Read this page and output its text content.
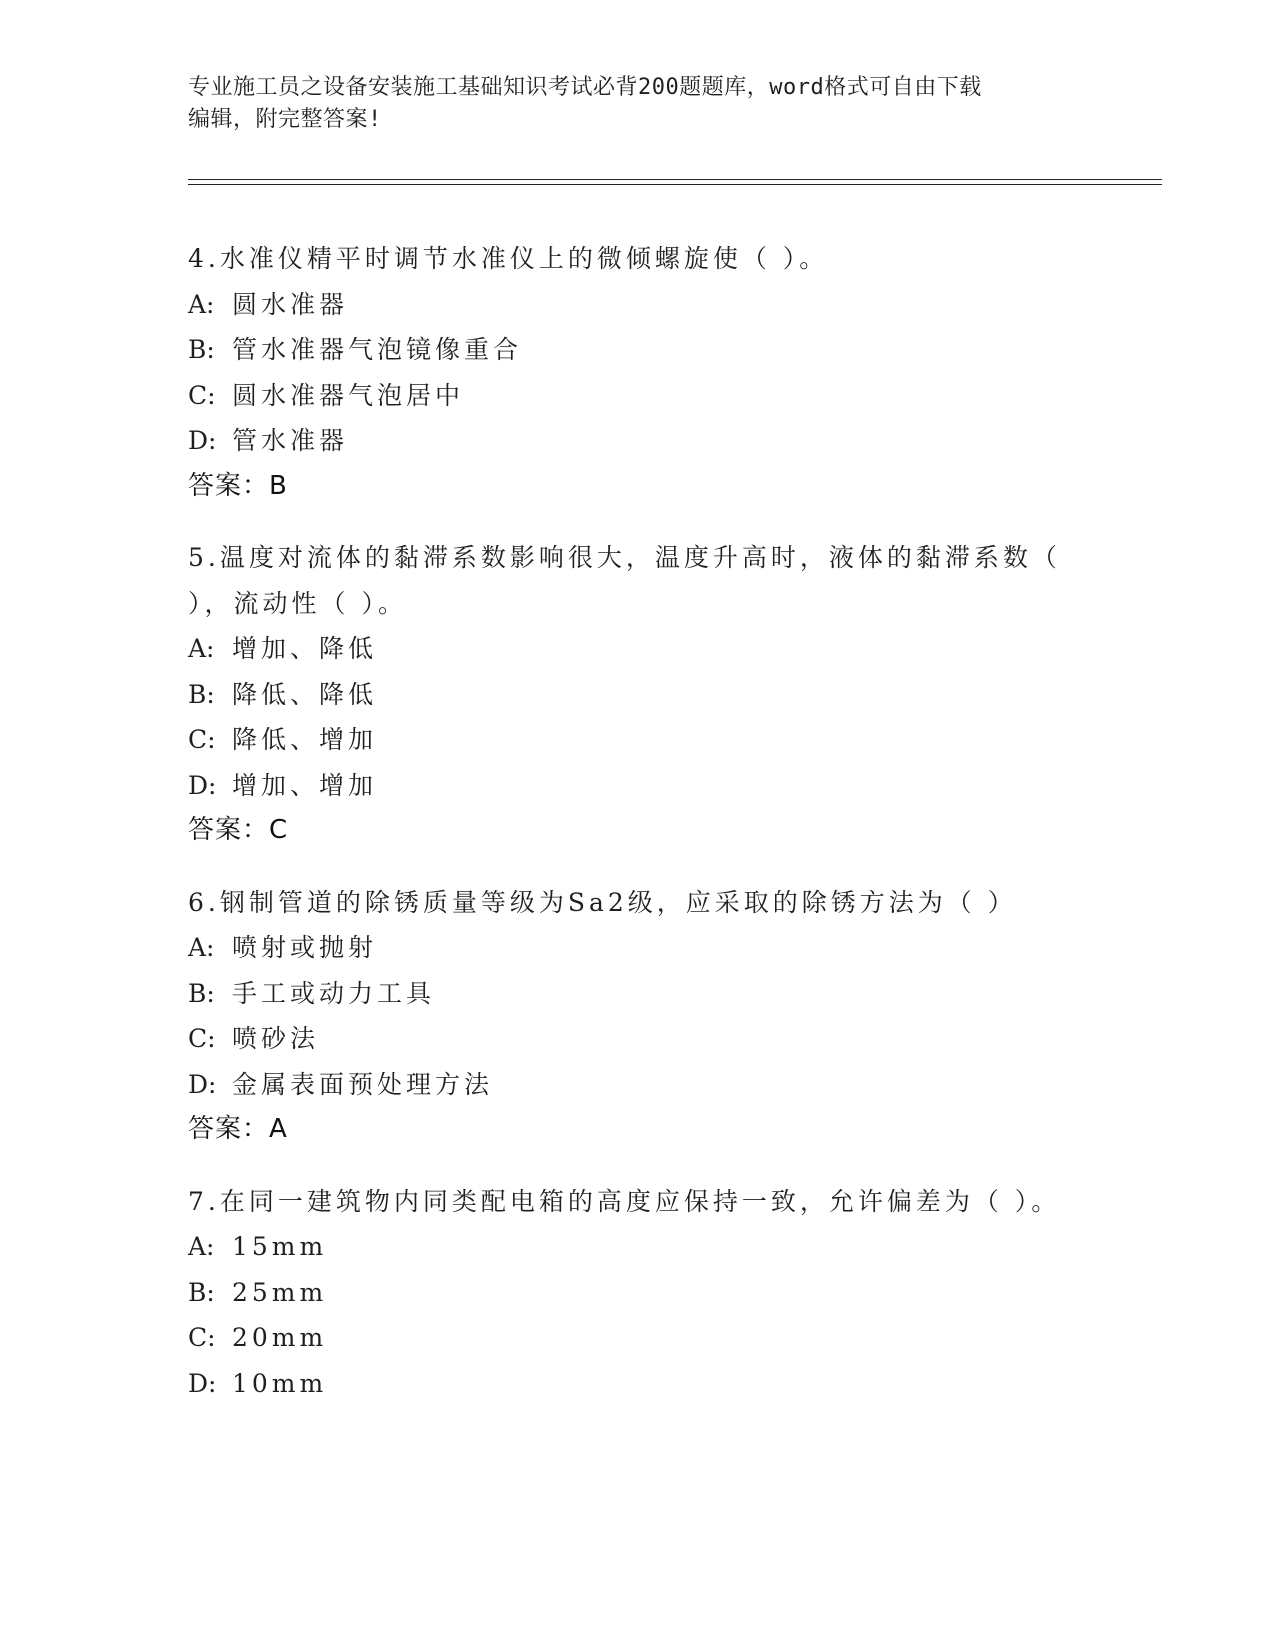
专业施工员之设备安装施工基础知识考试必背200题题库，word格式可自由下载
编辑，附完整答案!
4.水准仪精平时调节水准仪上的微倾螺旋使（ ）。
A: 圆水准器
B: 管水准器气泡镜像重合
C: 圆水准器气泡居中
D: 管水准器
答案：B
5.温度对流体的黏滞系数影响很大，温度升高时，液体的黏滞系数（
），流动性（ ）。
A: 增加、降低
B: 降低、降低
C: 降低、增加
D: 增加、增加
答案：C
6.钢制管道的除锈质量等级为Sa2级，应采取的除锈方法为（ ）
A: 喷射或抛射
B: 手工或动力工具
C: 喷砂法
D: 金属表面预处理方法
答案：A
7.在同一建筑物内同类配电箱的高度应保持一致，允许偏差为（ ）。
A: 15mm
B: 25mm
C: 20mm
D: 10mm
